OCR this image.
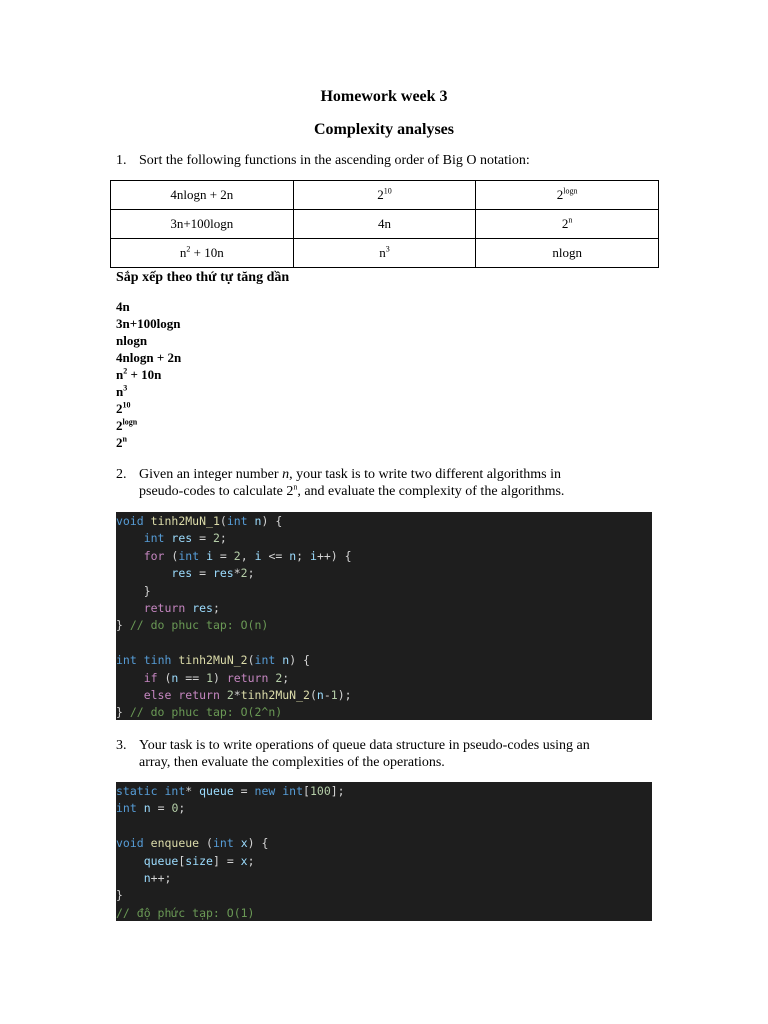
Homework week 3
Complexity analyses
1. Sort the following functions in the ascending order of Big O notation:
4nlogn + 2n	$2^{10}$	$2^{logn}$
3n+100logn	4n	2$^n$
$n^2 + 10n$	$n^3$	nlogn
Sắp xếp theo thứ tự tăng dần
4n
3n+100logn
nlogn
4nlogn + 2n
$n^2 + 10n$
$n^3$
$2^{10}$
$2^{logn}$
2$^n$
2. Given an integer number n, your task is to write two different algorithms in
pseudo-codes to calculate 2$^n$, and evaluate the complexity of the algorithms.
void tinh2MuN_1(int n) {
int res = 2;
for (int i = 2, i <= n; i++) {
res = res*2;
}
return res;
} // do phuc tap: O(n)
int tinh tinh2MuN_2(int n) {
if (n == 1) return 2;
else return 2*tinh2MuN_2(n-1);
} // do phuc tap: O(2^n)
3. Your task is to write operations of queue data structure in pseudo-codes using an
array, then evaluate the complexities of the operations.
static int* queue = new int[100];
int n = 0;
void enqueue (int x) {
queue[size] = x;
n++;
}
// độ phức tạp: O(1)
